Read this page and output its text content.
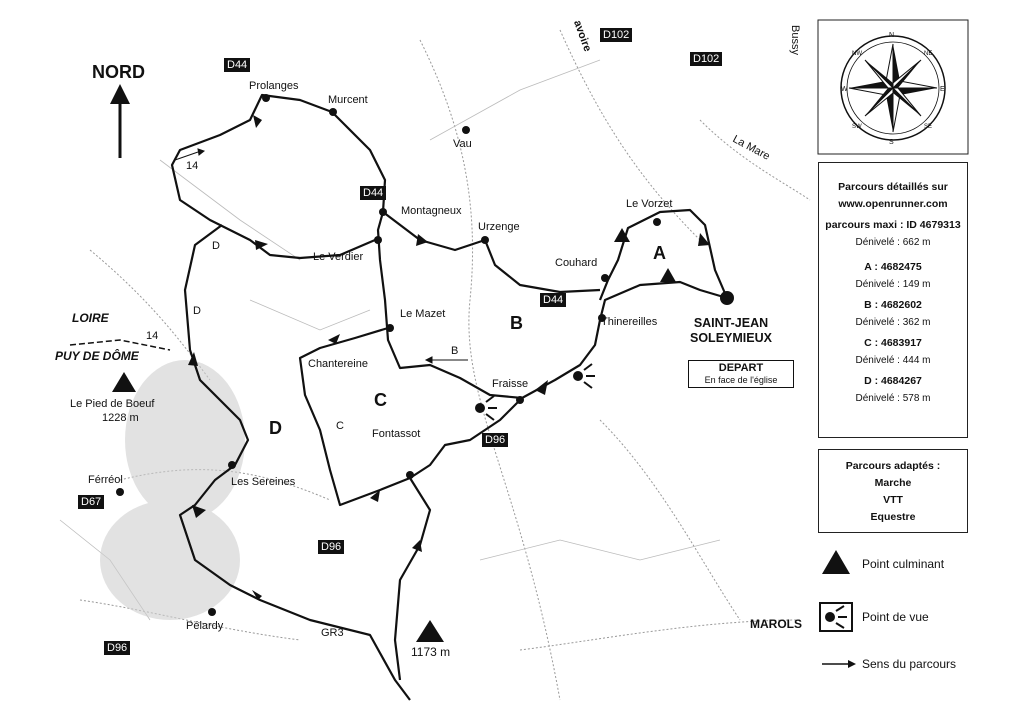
N
S
E
W
NE
NW
SE
SW
NORD	D44
D44
D44
D102
D102
D96
D96
D96
D67
Prolanges
Murcent
Vau
Montagneux
Urzenge
Le Vorzet
Couhard
Le Verdier
Le Mazet
Thinereilles
Chantereine
Fraisse
Fontassot
Les Sereines
Férréol
Pélardy
La Mare
Bussy
avoire
MAROLS
GR3
LOIRE
PUY DE DÔME
Le Pied de Boeuf
1228 m
1173 m
14
14
A
B
B
C
C
D
D
D
SAINT-JEAN
SOLEYMIEUX
DEPART
En face de l'église
Parcours détaillés sur
www.openrunner.com
parcours maxi : ID 4679313
Dénivelé : 662 m
A : 4682475
Dénivelé : 149 m
B : 4682602
Dénivelé : 362 m
C : 4683917
Dénivelé : 444 m
D : 4684267
Dénivelé : 578 m
Parcours adaptés :
Marche
VTT
Equestre
Point culminant
Point de vue
Sens du parcours
